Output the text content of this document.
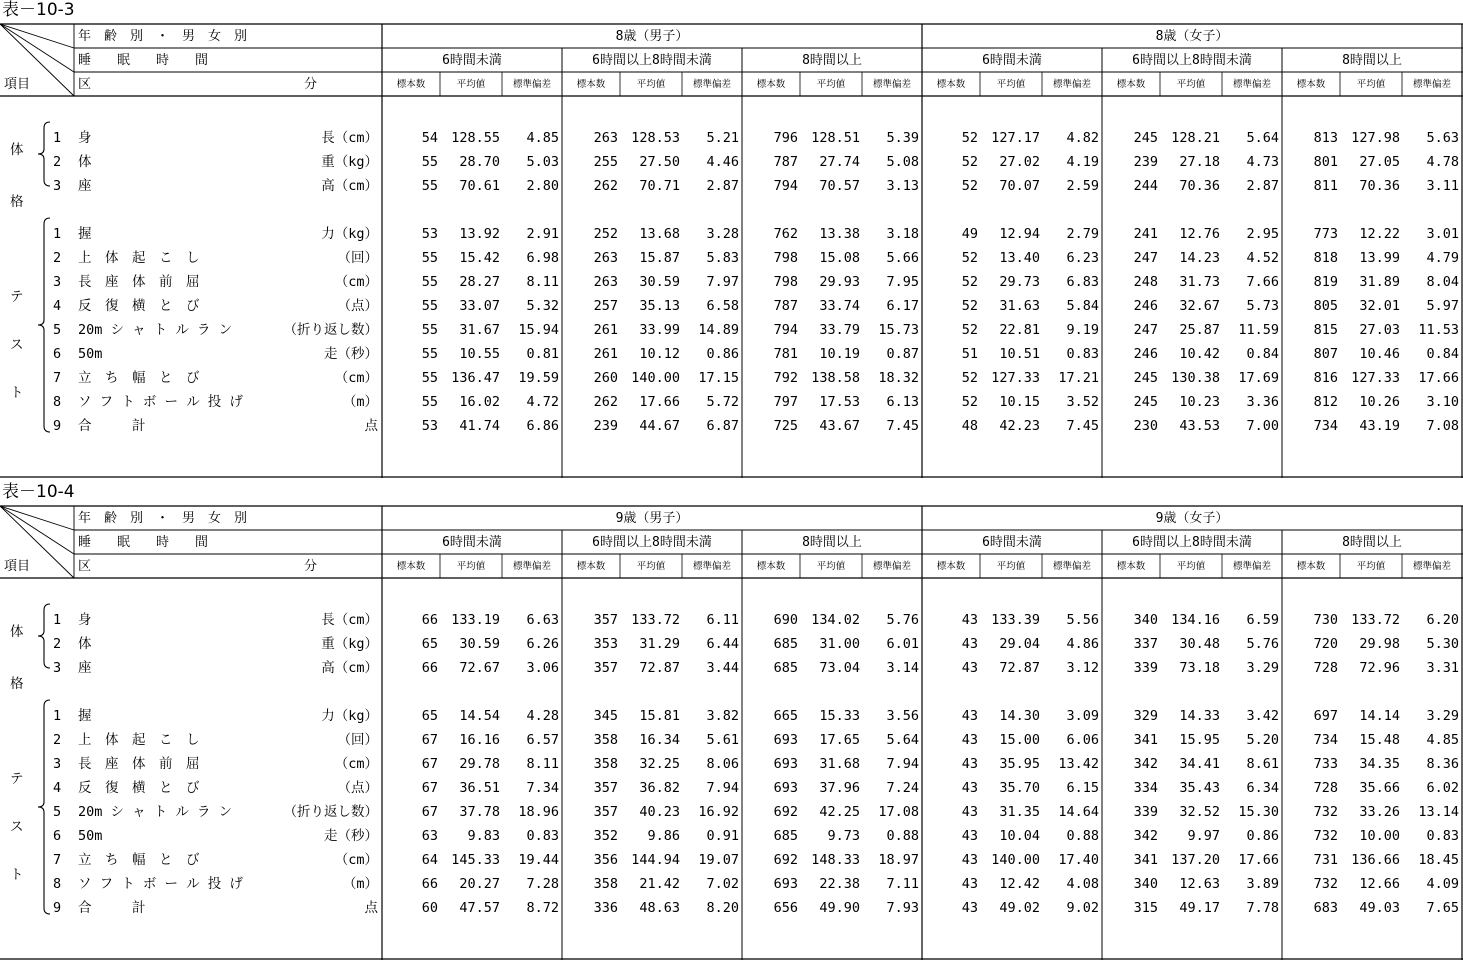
表－10-3
年　齢　別　・　男　女　別
睡　　眠　　時　　間
項目	区	分
8歳（男子）	8歳（女子）
6時間未満
標本数	平均値	標準偏差
6時間以上8時間未満
標本数	平均値	標準偏差
8時間以上
標本数	平均値	標準偏差
6時間未満
標本数	平均値	標準偏差
6時間以上8時間未満
標本数	平均値	標準偏差
8時間以上
標本数	平均値	標準偏差
体
格
テ
ス
ト
1 身	長（cm）	54 128.55	4.85	263 128.53	5.21	796 128.51	5.39	52 127.17	4.82	245 128.21	5.64	813 127.98	5.63
2 体	重（kg）	55	28.70	5.03	255	27.50	4.46	787	27.74	5.08	52	27.02	4.19	239	27.18	4.73	801	27.05	4.78
3 座	高（cm）	55	70.61	2.80	262	70.71	2.87	794	70.57	3.13	52	70.07	2.59	244	70.36	2.87	811	70.36	3.11
1 握	力（kg）	53	13.92	2.91	252	13.68	3.28	762	13.38	3.18	49	12.94	2.79	241	12.76	2.95	773	12.22	3.01
2 上　体　起　こ　し	（回）	55	15.42	6.98	263	15.87	5.83	798	15.08	5.66	52	13.40	6.23	247	14.23	4.52	818	13.99	4.79
3 長　座　体　前　屈	（cm）	55	28.27	8.11	263	30.59	7.97	798	29.93	7.95	52	29.73	6.83	248	31.73	7.66	819	31.89	8.04
4 反　復　横　と　び	（点）	55	33.07	5.32	257	35.13	6.58	787	33.74	6.17	52	31.63	5.84	246	32.67	5.73	805	32.01	5.97
5 20m シ ャ ト ル ラ ン	（折り返し数）	55	31.67	15.94	261	33.99	14.89	794	33.79	15.73	52	22.81	9.19	247	25.87	11.59	815	27.03	11.53
6 50m	走（秒）	55	10.55	0.81	261	10.12	0.86	781	10.19	0.87	51	10.51	0.83	246	10.42	0.84	807	10.46	0.84
7 立　ち　幅　と　び	（cm）	55 136.47	19.59	260 140.00	17.15	792 138.58	18.32	52 127.33	17.21	245 130.38	17.69	816 127.33	17.66
8 ソ フ ト ボ ー ル 投 げ	（m）	55	16.02	4.72	262	17.66	5.72	797	17.53	6.13	52	10.15	3.52	245	10.23	3.36	812	10.26	3.10
9 合　　　計	点	53	41.74	6.86	239	44.67	6.87	725	43.67	7.45	48	42.23	7.45	230	43.53	7.00	734	43.19	7.08
表－10-4
年　齢　別　・　男　女　別
睡　　眠　　時　　間
項目	区	分
9歳（男子）	9歳（女子）
6時間未満
標本数	平均値	標準偏差
6時間以上8時間未満
標本数	平均値	標準偏差
8時間以上
標本数	平均値	標準偏差
6時間未満
標本数	平均値	標準偏差
6時間以上8時間未満
標本数	平均値	標準偏差
8時間以上
標本数	平均値	標準偏差
体
格
テ
ス
ト
1 身	長（cm）	66 133.19	6.63	357 133.72	6.11	690 134.02	5.76	43 133.39	5.56	340 134.16	6.59	730 133.72	6.20
2 体	重（kg）	65	30.59	6.26	353	31.29	6.44	685	31.00	6.01	43	29.04	4.86	337	30.48	5.76	720	29.98	5.30
3 座	高（cm）	66	72.67	3.06	357	72.87	3.44	685	73.04	3.14	43	72.87	3.12	339	73.18	3.29	728	72.96	3.31
1 握	力（kg）	65	14.54	4.28	345	15.81	3.82	665	15.33	3.56	43	14.30	3.09	329	14.33	3.42	697	14.14	3.29
2 上　体　起　こ　し	（回）	67	16.16	6.57	358	16.34	5.61	693	17.65	5.64	43	15.00	6.06	341	15.95	5.20	734	15.48	4.85
3 長　座　体　前　屈	（cm）	67	29.78	8.11	358	32.25	8.06	693	31.68	7.94	43	35.95	13.42	342	34.41	8.61	733	34.35	8.36
4 反　復　横　と　び	（点）	67	36.51	7.34	357	36.82	7.94	693	37.96	7.24	43	35.70	6.15	334	35.43	6.34	728	35.66	6.02
5 20m シ ャ ト ル ラ ン	（折り返し数）	67	37.78	18.96	357	40.23	16.92	692	42.25	17.08	43	31.35	14.64	339	32.52	15.30	732	33.26	13.14
6 50m	走（秒）	63	9.83	0.83	352	9.86	0.91	685	9.73	0.88	43	10.04	0.88	342	9.97	0.86	732	10.00	0.83
7 立　ち　幅　と　び	（cm）	64 145.33	19.44	356 144.94	19.07	692 148.33	18.97	43 140.00	17.40	341 137.20	17.66	731 136.66	18.45
8 ソ フ ト ボ ー ル 投 げ	（m）	66	20.27	7.28	358	21.42	7.02	693	22.38	7.11	43	12.42	4.08	340	12.63	3.89	732	12.66	4.09
9 合　　　計	点	60	47.57	8.72	336	48.63	8.20	656	49.90	7.93	43	49.02	9.02	315	49.17	7.78	683	49.03	7.65
